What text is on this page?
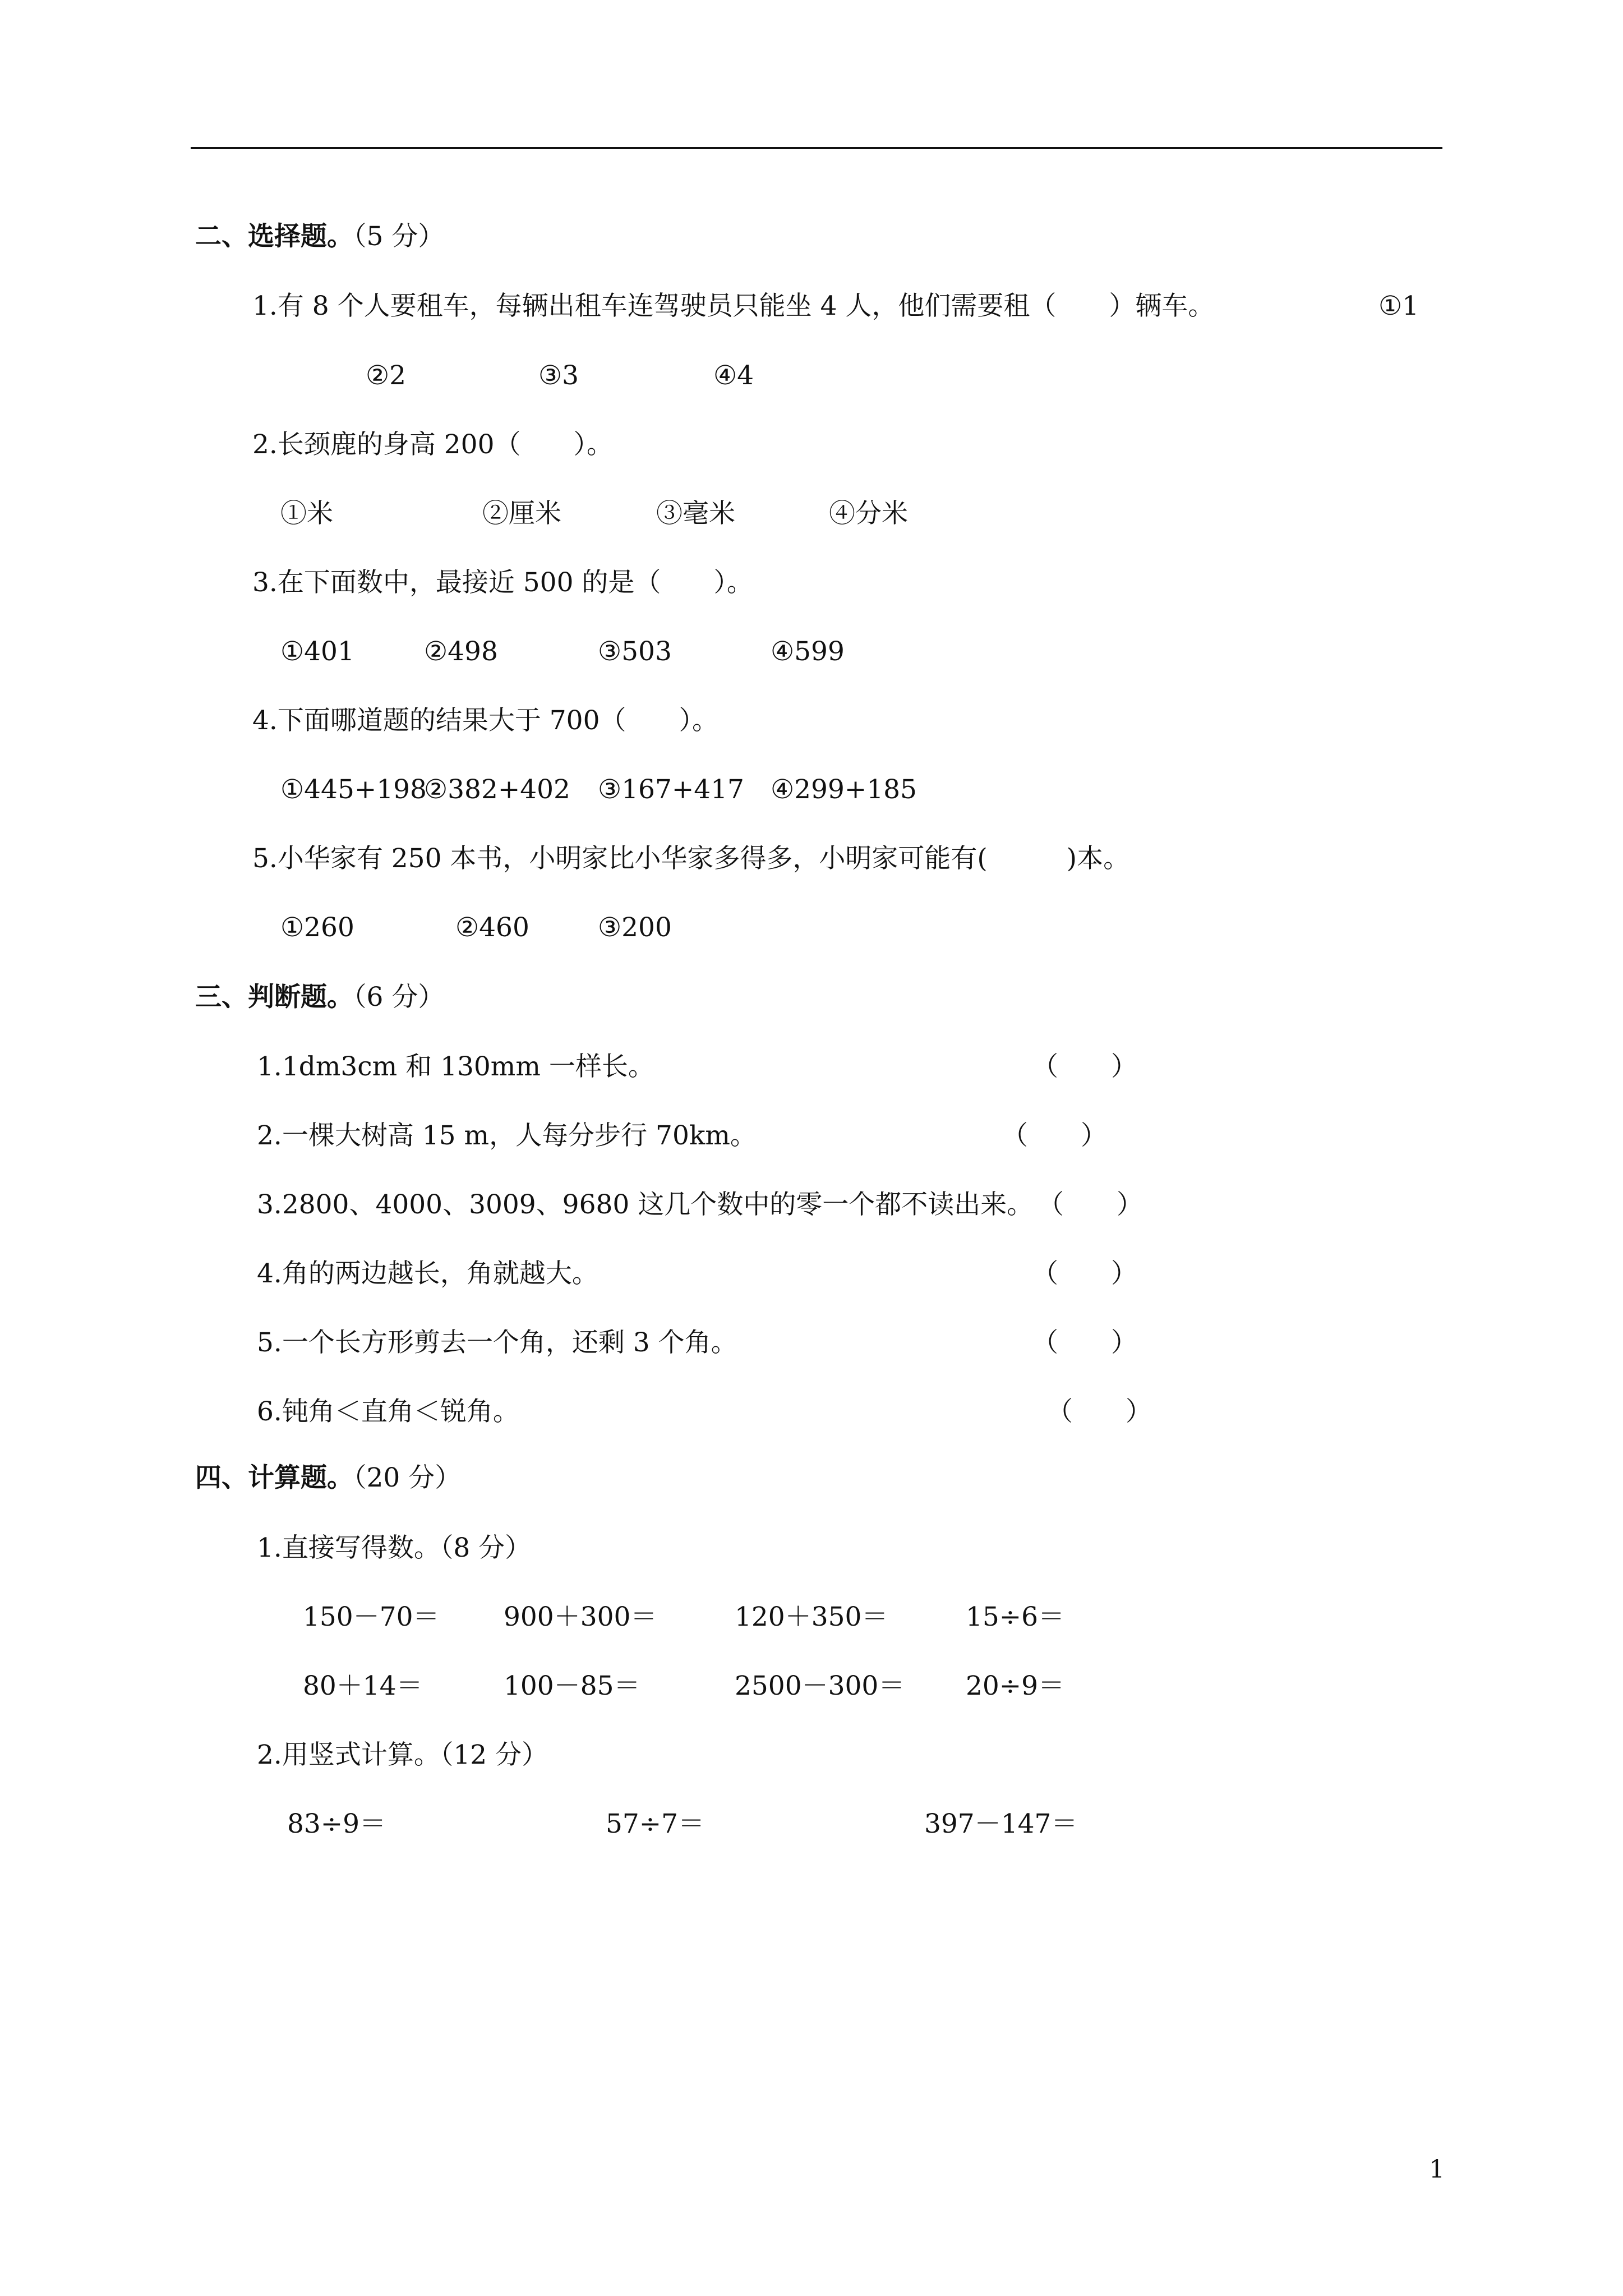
二、选择题。（5 分）
1.有 8 个人要租车，每辆出租车连驾驶员只能坐 4 人，他们需要租（　　）辆车。	①1
②2	③3	④4
2.长颈鹿的身高 200（　　）。
①米	②厘米	③毫米	④分米
3.在下面数中，最接近 500 的是（　　）。
①401	②498	③503	④599
4.下面哪道题的结果大于 700（　　）。
①445+198
②382+402 ③167+417 ④299+185
5.小华家有 250 本书，小明家比小华家多得多，小明家可能有(　　　)本。
①260	②460	③200
三、判断题。（6 分）
1.1dm3cm 和 130mm 一样长。	（　　）
2.一棵大树高 15 m，人每分步行 70km。	（　　）
3.2800、4000、3009、9680 这几个数中的零一个都不读出来。 （　　）
4.角的两边越长，角就越大。	（　　）
5.一个长方形剪去一个角，还剩 3 个角。	（　　）
6.钝角＜直角＜锐角。	（　　）
四、计算题。（20 分）
1.直接写得数。（8 分）
150－70＝ 900＋300＝	120＋350＝	15÷6＝
80＋14＝	100－85＝	2500－300＝ 20÷9＝
2.用竖式计算。（12 分）
83÷9＝	57÷7＝	397－147＝
1
